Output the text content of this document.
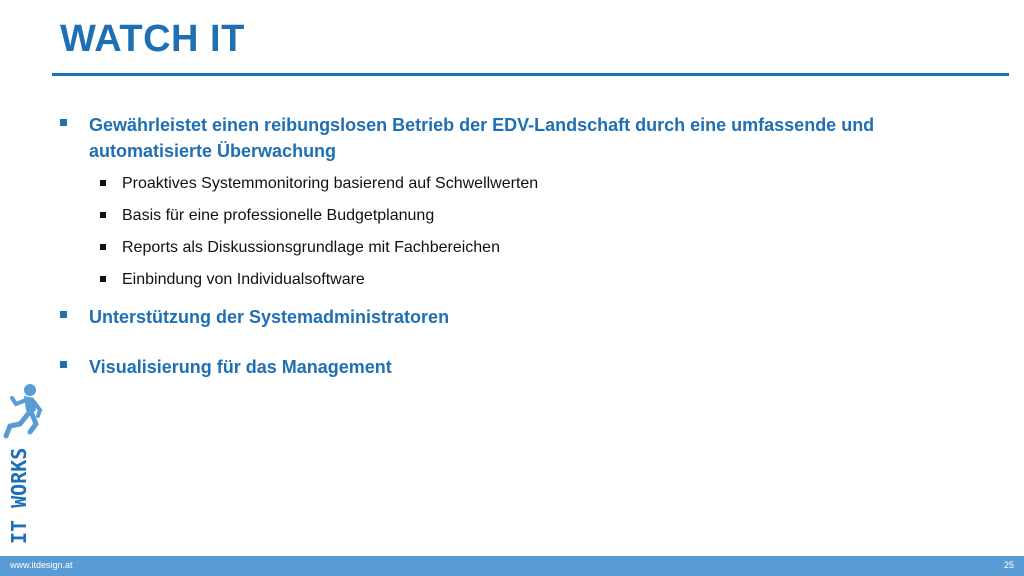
WATCH IT
Gewährleistet einen reibungslosen Betrieb der EDV-Landschaft durch eine umfassende und automatisierte Überwachung
Proaktives Systemmonitoring basierend auf Schwellwerten
Basis für eine professionelle Budgetplanung
Reports als Diskussionsgrundlage mit Fachbereichen
Einbindung von Individualsoftware
Unterstützung der Systemadministratoren
Visualisierung für das Management
IT WORKS
www.itdesign.at	25
